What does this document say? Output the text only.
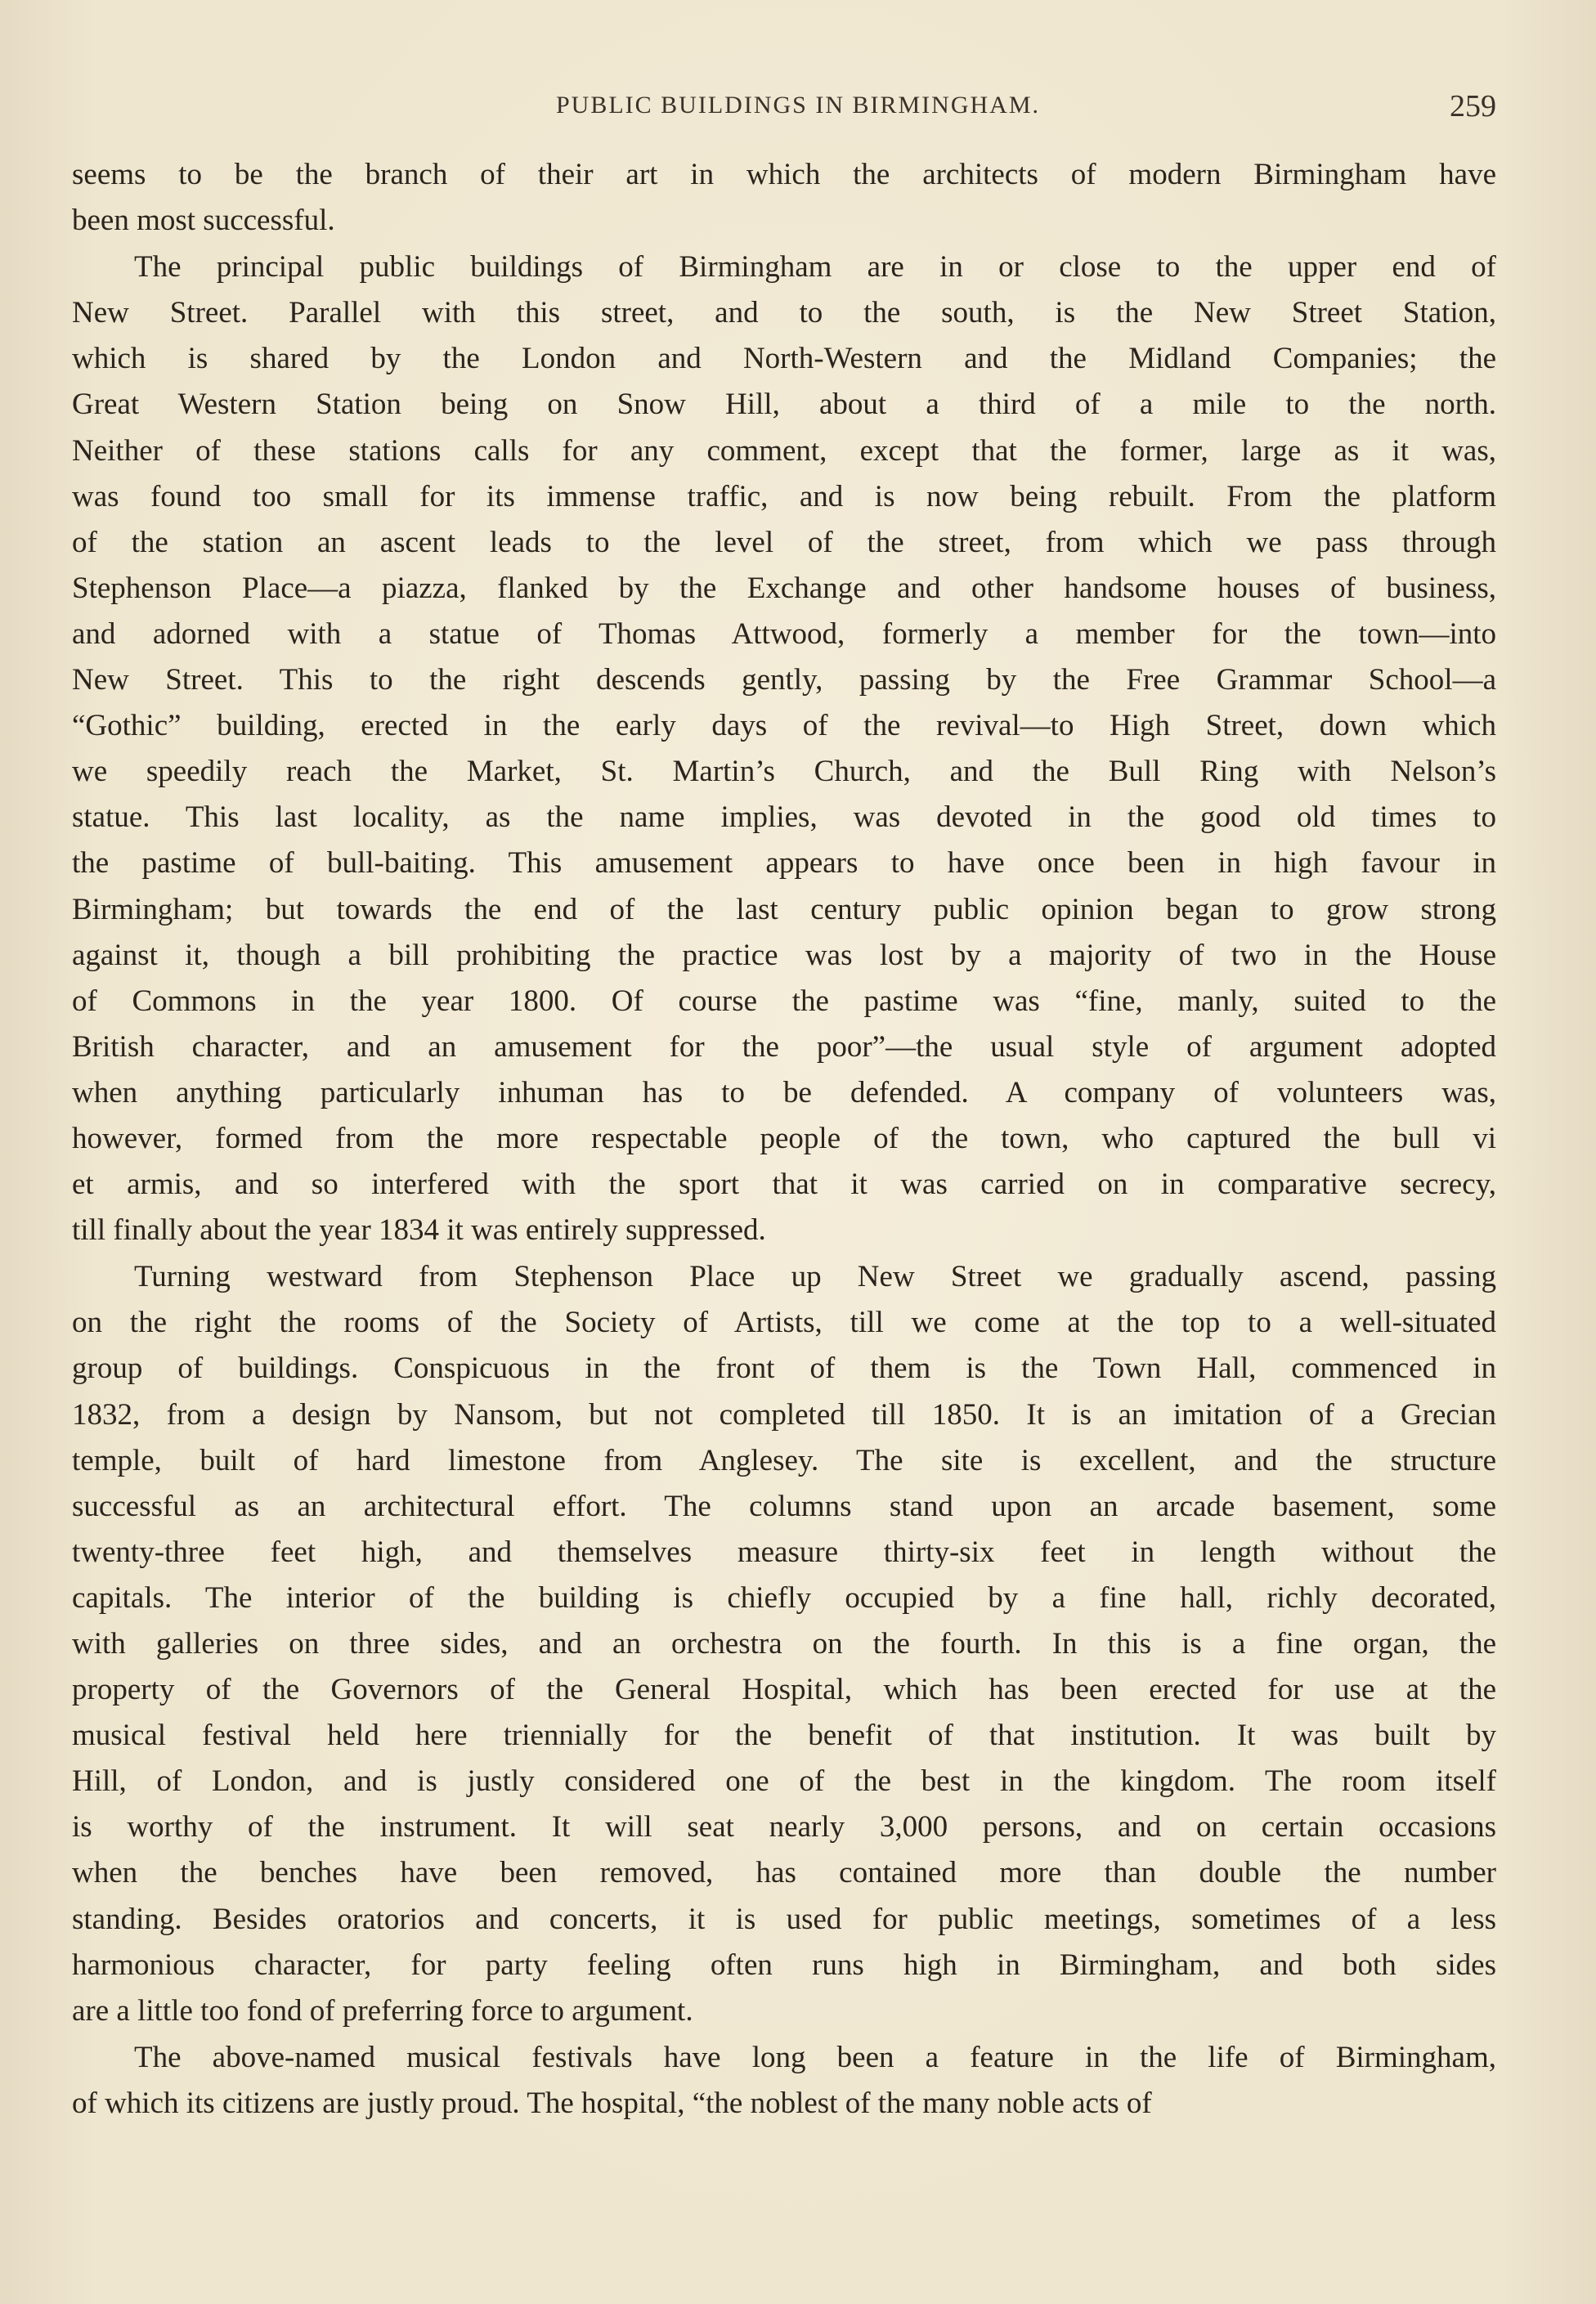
PUBLIC BUILDINGS IN BIRMINGHAM.	259
seems to be the branch of their art in which the architects of modern Birmingham have
been most successful.
The principal public buildings of Birmingham are in or close to the upper end of
New Street. Parallel with this street, and to the south, is the New Street Station,
which is shared by the London and North-Western and the Midland Companies; the
Great Western Station being on Snow Hill, about a third of a mile to the north.
Neither of these stations calls for any comment, except that the former, large as it was,
was found too small for its immense traffic, and is now being rebuilt. From the platform
of the station an ascent leads to the level of the street, from which we pass through
Stephenson Place—a piazza, flanked by the Exchange and other handsome houses of business,
and adorned with a statue of Thomas Attwood, formerly a member for the town—into
New Street. This to the right descends gently, passing by the Free Grammar School—a
“Gothic” building, erected in the early days of the revival—to High Street, down which
we speedily reach the Market, St. Martin’s Church, and the Bull Ring with Nelson’s
statue. This last locality, as the name implies, was devoted in the good old times to
the pastime of bull-baiting. This amusement appears to have once been in high favour in
Birmingham; but towards the end of the last century public opinion began to grow strong
against it, though a bill prohibiting the practice was lost by a majority of two in the House
of Commons in the year 1800. Of course the pastime was “fine, manly, suited to the
British character, and an amusement for the poor”—the usual style of argument adopted
when anything particularly inhuman has to be defended. A company of volunteers was,
however, formed from the more respectable people of the town, who captured the bull vi
et armis, and so interfered with the sport that it was carried on in comparative secrecy,
till finally about the year 1834 it was entirely suppressed.
Turning westward from Stephenson Place up New Street we gradually ascend, passing
on the right the rooms of the Society of Artists, till we come at the top to a well-situated
group of buildings. Conspicuous in the front of them is the Town Hall, commenced in
1832, from a design by Nansom, but not completed till 1850. It is an imitation of a Grecian
temple, built of hard limestone from Anglesey. The site is excellent, and the structure
successful as an architectural effort. The columns stand upon an arcade basement, some
twenty-three feet high, and themselves measure thirty-six feet in length without the
capitals. The interior of the building is chiefly occupied by a fine hall, richly decorated,
with galleries on three sides, and an orchestra on the fourth. In this is a fine organ, the
property of the Governors of the General Hospital, which has been erected for use at the
musical festival held here triennially for the benefit of that institution. It was built by
Hill, of London, and is justly considered one of the best in the kingdom. The room itself
is worthy of the instrument. It will seat nearly 3,000 persons, and on certain occasions
when the benches have been removed, has contained more than double the number
standing. Besides oratorios and concerts, it is used for public meetings, sometimes of a less
harmonious character, for party feeling often runs high in Birmingham, and both sides
are a little too fond of preferring force to argument.
The above-named musical festivals have long been a feature in the life of Birmingham,
of which its citizens are justly proud. The hospital, “the noblest of the many noble acts of
